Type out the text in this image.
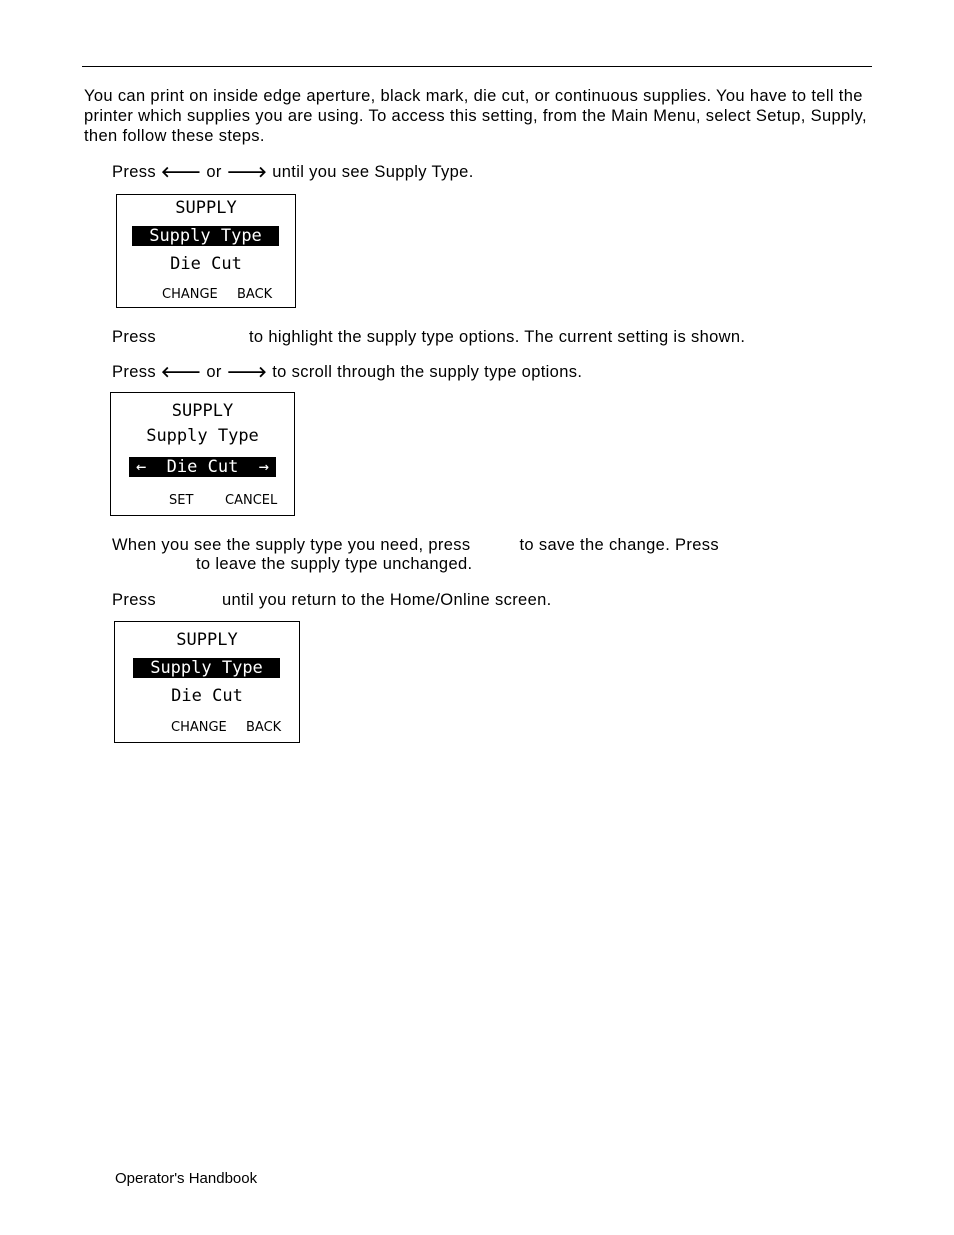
You can print on inside edge aperture, black mark, die cut, or continuous supplies. You have to tell the printer which supplies you are using. To access this setting, from the Main Menu, select Setup, Supply, then follow these steps.

Press 🡐 or 🡒 until you see Supply Type.

SUPPLY
Supply Type
Die Cut
CHANGE BACK

Press	to highlight the supply type options. The current setting is shown.

Press 🡐 or 🡒 to scroll through the supply type options.

SUPPLY
Supply Type
←  Die Cut  →
SET CANCEL

When you see the supply type you need, press	to save the change. Press

to leave the supply type unchanged.

Press	until you return to the Home/Online screen.

SUPPLY
Supply Type
Die Cut
CHANGE BACK

Operator's Handbook
